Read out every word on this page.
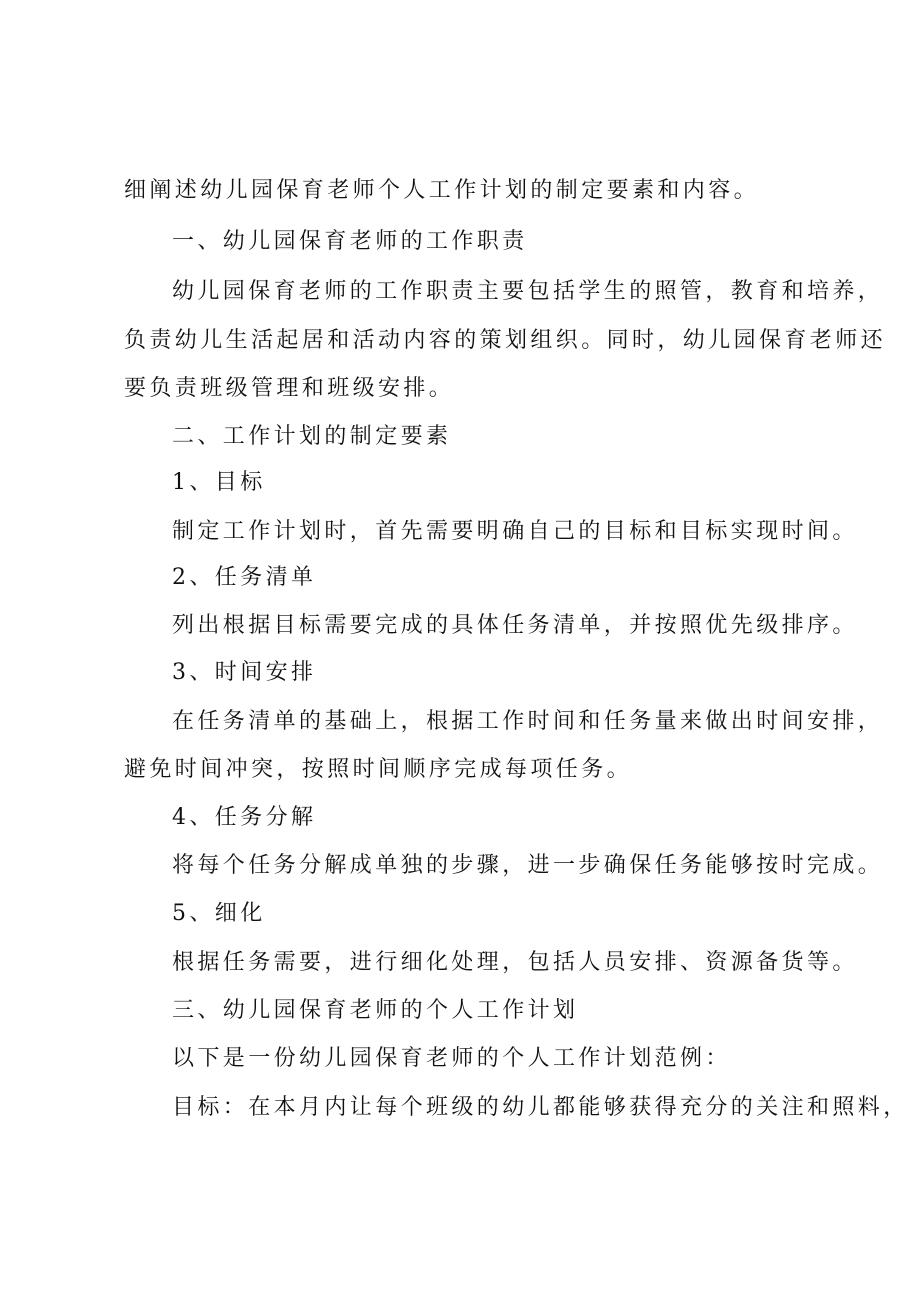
细阐述幼儿园保育老师个人工作计划的制定要素和内容。
一、幼儿园保育老师的工作职责
幼儿园保育老师的工作职责主要包括学生的照管，教育和培养，
负责幼儿生活起居和活动内容的策划组织。同时，幼儿园保育老师还
要负责班级管理和班级安排。
二、工作计划的制定要素
1、目标
制定工作计划时，首先需要明确自己的目标和目标实现时间。
2、任务清单
列出根据目标需要完成的具体任务清单，并按照优先级排序。
3、时间安排
在任务清单的基础上，根据工作时间和任务量来做出时间安排，
避免时间冲突，按照时间顺序完成每项任务。
4、任务分解
将每个任务分解成单独的步骤，进一步确保任务能够按时完成。
5、细化
根据任务需要，进行细化处理，包括人员安排、资源备货等。
三、幼儿园保育老师的个人工作计划
以下是一份幼儿园保育老师的个人工作计划范例：
目标：在本月内让每个班级的幼儿都能够获得充分的关注和照料，
